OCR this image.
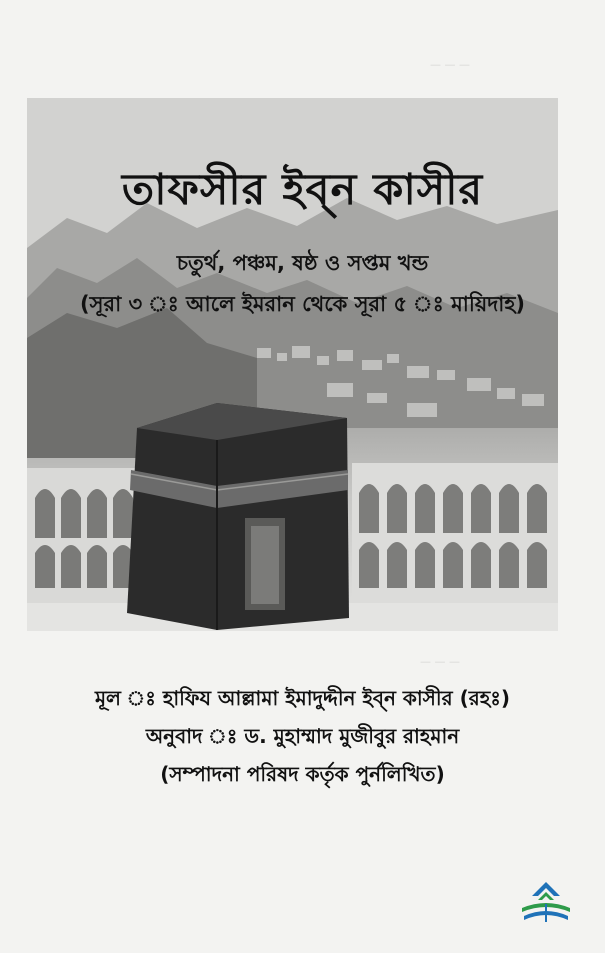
— — —
— — —
তাফসীর ইব্ন কাসীর
চতুর্থ, পঞ্চম, ষষ্ঠ ও সপ্তম খন্ড
(সূরা ৩ ঃ আলে ইমরান থেকে সূরা ৫ ঃ মায়িদাহ)
মূল ঃ হাফিয আল্লামা ইমাদুদ্দীন ইব্ন কাসীর (রহঃ)
অনুবাদ ঃ ড. মুহাম্মাদ মুজীবুর রাহমান
(সম্পাদনা পরিষদ কর্তৃক পুর্নলিখিত)
